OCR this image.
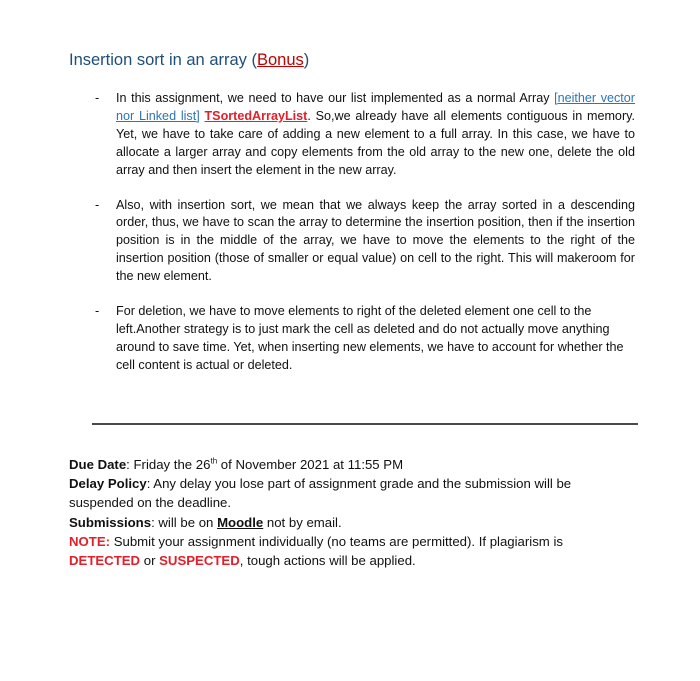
Insertion sort in an array (Bonus)
- In this assignment, we need to have our list implemented as a normal Array [neither vector nor Linked list] TSortedArrayList. So,we already have all elements contiguous in memory. Yet, we have to take care of adding a new element to a full array. In this case, we have to allocate a larger array and copy elements from the old array to the new one, delete the old array and then insert the element in the new array.
- Also, with insertion sort, we mean that we always keep the array sorted in a descending order, thus, we have to scan the array to determine the insertion position, then if the insertion position is in the middle of the array, we have to move the elements to the right of the insertion position (those of smaller or equal value) on cell to the right. This will makeroom for the new element.
- For deletion, we have to move elements to right of the deleted element one cell to the left.Another strategy is to just mark the cell as deleted and do not actually move anything around to save time. Yet, when inserting new elements, we have to account for whether the cell content is actual or deleted.

Due Date: Friday the 26th of November 2021 at 11:55 PM

Delay Policy: Any delay you lose part of assignment grade and the submission will be suspended on the deadline.

Submissions: will be on Moodle not by email.

NOTE: Submit your assignment individually (no teams are permitted). If plagiarism is DETECTED or SUSPECTED, tough actions will be applied.
